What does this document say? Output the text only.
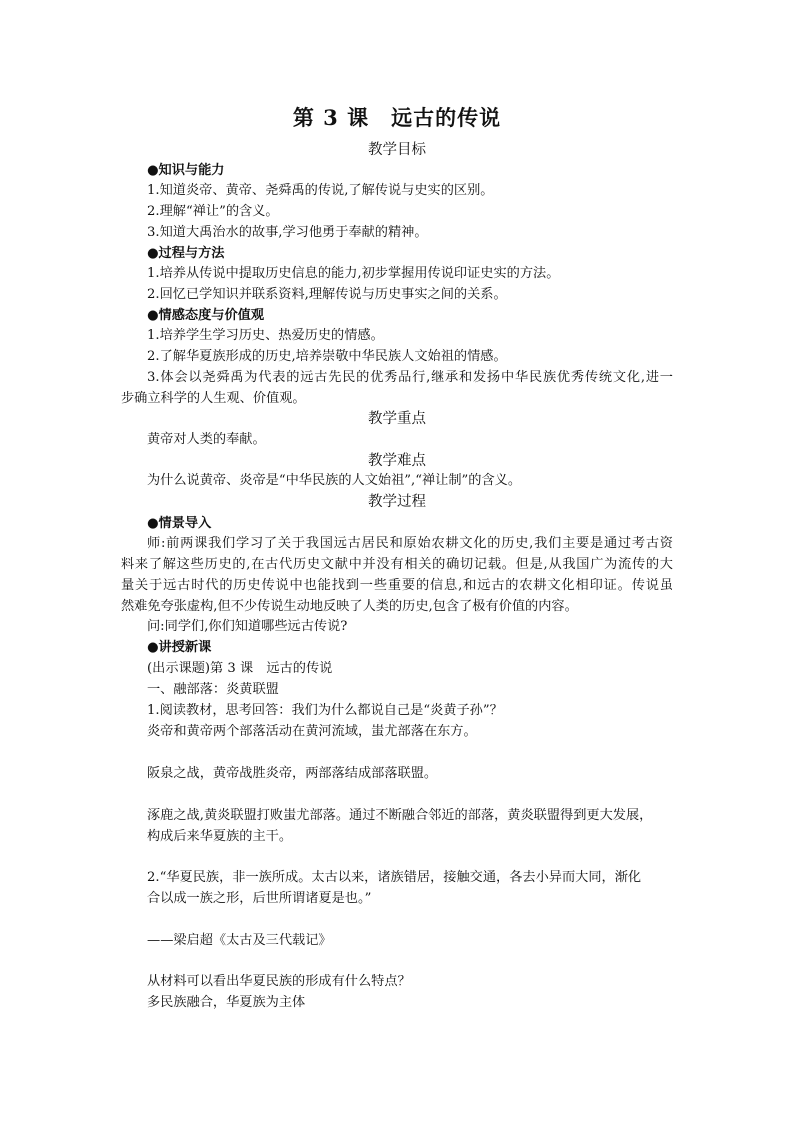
第 3 课　远古的传说
教学目标
●知识与能力
1.知道炎帝、黄帝、尧舜禹的传说,了解传说与史实的区别。
2.理解“禅让”的含义。
3.知道大禹治水的故事,学习他勇于奉献的精神。
●过程与方法
1.培养从传说中提取历史信息的能力,初步掌握用传说印证史实的方法。
2.回忆已学知识并联系资料,理解传说与历史事实之间的关系。
●情感态度与价值观
1.培养学生学习历史、热爱历史的情感。
2.了解华夏族形成的历史,培养崇敬中华民族人文始祖的情感。
3.体会以尧舜禹为代表的远古先民的优秀品行,继承和发扬中华民族优秀传统文化,进一
步确立科学的人生观、价值观。
教学重点
黄帝对人类的奉献。
教学难点
为什么说黄帝、炎帝是“中华民族的人文始祖”,“禅让制”的含义。
教学过程
●情景导入
师:前两课我们学习了关于我国远古居民和原始农耕文化的历史,我们主要是通过考古资
料来了解这些历史的,在古代历史文献中并没有相关的确切记载。但是,从我国广为流传的大
量关于远古时代的历史传说中也能找到一些重要的信息,和远古的农耕文化相印证。传说虽
然难免夸张虚构,但不少传说生动地反映了人类的历史,包含了极有价值的内容。
问:同学们,你们知道哪些远古传说?
●讲授新课
(出示课题)第 3 课　远古的传说
一、融部落：炎黄联盟
1.阅读教材，思考回答：我们为什么都说自己是“炎黄子孙”？
炎帝和黄帝两个部落活动在黄河流域，蚩尤部落在东方。
阪泉之战，黄帝战胜炎帝，两部落结成部落联盟。
涿鹿之战,黄炎联盟打败蚩尤部落。通过不断融合邻近的部落，黄炎联盟得到更大发展，
构成后来华夏族的主干。
2.“华夏民族，非一族所成。太古以来，诸族错居，接触交通，各去小异而大同，渐化
合以成一族之形，后世所谓诸夏是也。”
——梁启超《太古及三代载记》
从材料可以看出华夏民族的形成有什么特点？
多民族融合，华夏族为主体
